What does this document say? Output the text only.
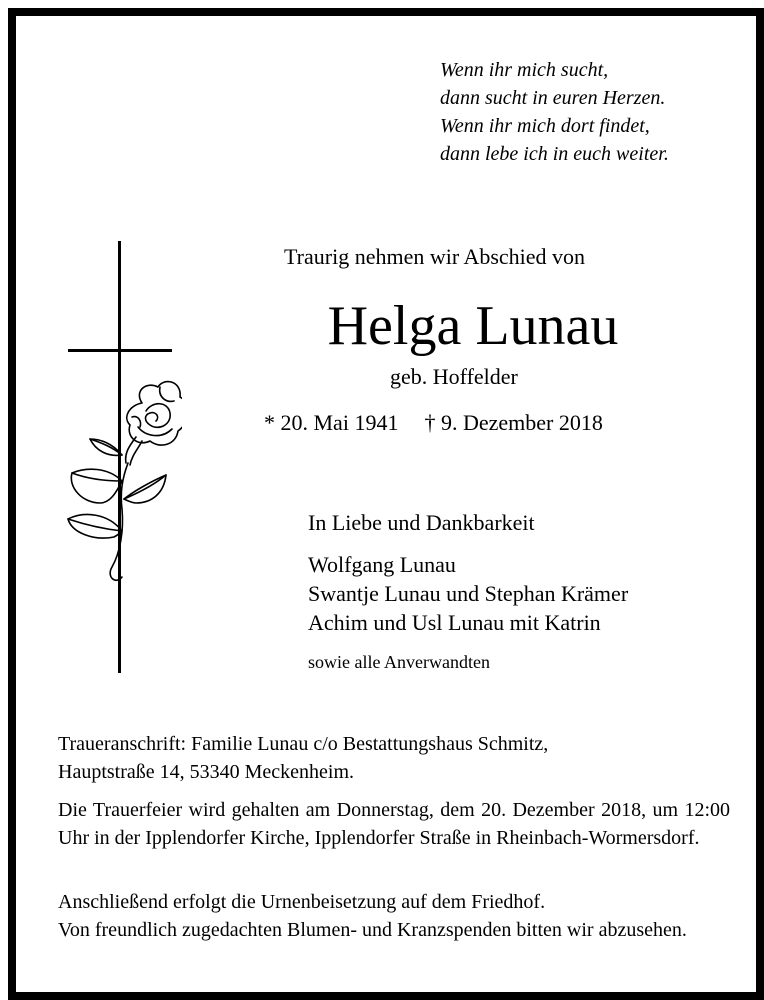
Wenn ihr mich sucht,
dann sucht in euren Herzen.
Wenn ihr mich dort findet,
dann lebe ich in euch weiter.
Traurig nehmen wir Abschied von
Helga Lunau
geb. Hoffelder
* 20. Mai 1941 † 9. Dezember 2018
In Liebe und Dankbarkeit
Wolfgang Lunau
Swantje Lunau und Stephan Krämer
Achim und Usl Lunau mit Katrin
sowie alle Anverwandten

Traueranschrift: Familie Lunau c/o Bestattungshaus Schmitz,

Hauptstraße 14, 53340 Meckenheim.

Die Trauerfeier wird gehalten am Donnerstag, dem 20. Dezember 2018, um 12:00 Uhr in der Ipplendorfer Kirche, Ipplendorfer Straße in Rheinbach-Wormersdorf.

Anschließend erfolgt die Urnenbeisetzung auf dem Friedhof.

Von freundlich zugedachten Blumen- und Kranzspenden bitten wir abzusehen.
